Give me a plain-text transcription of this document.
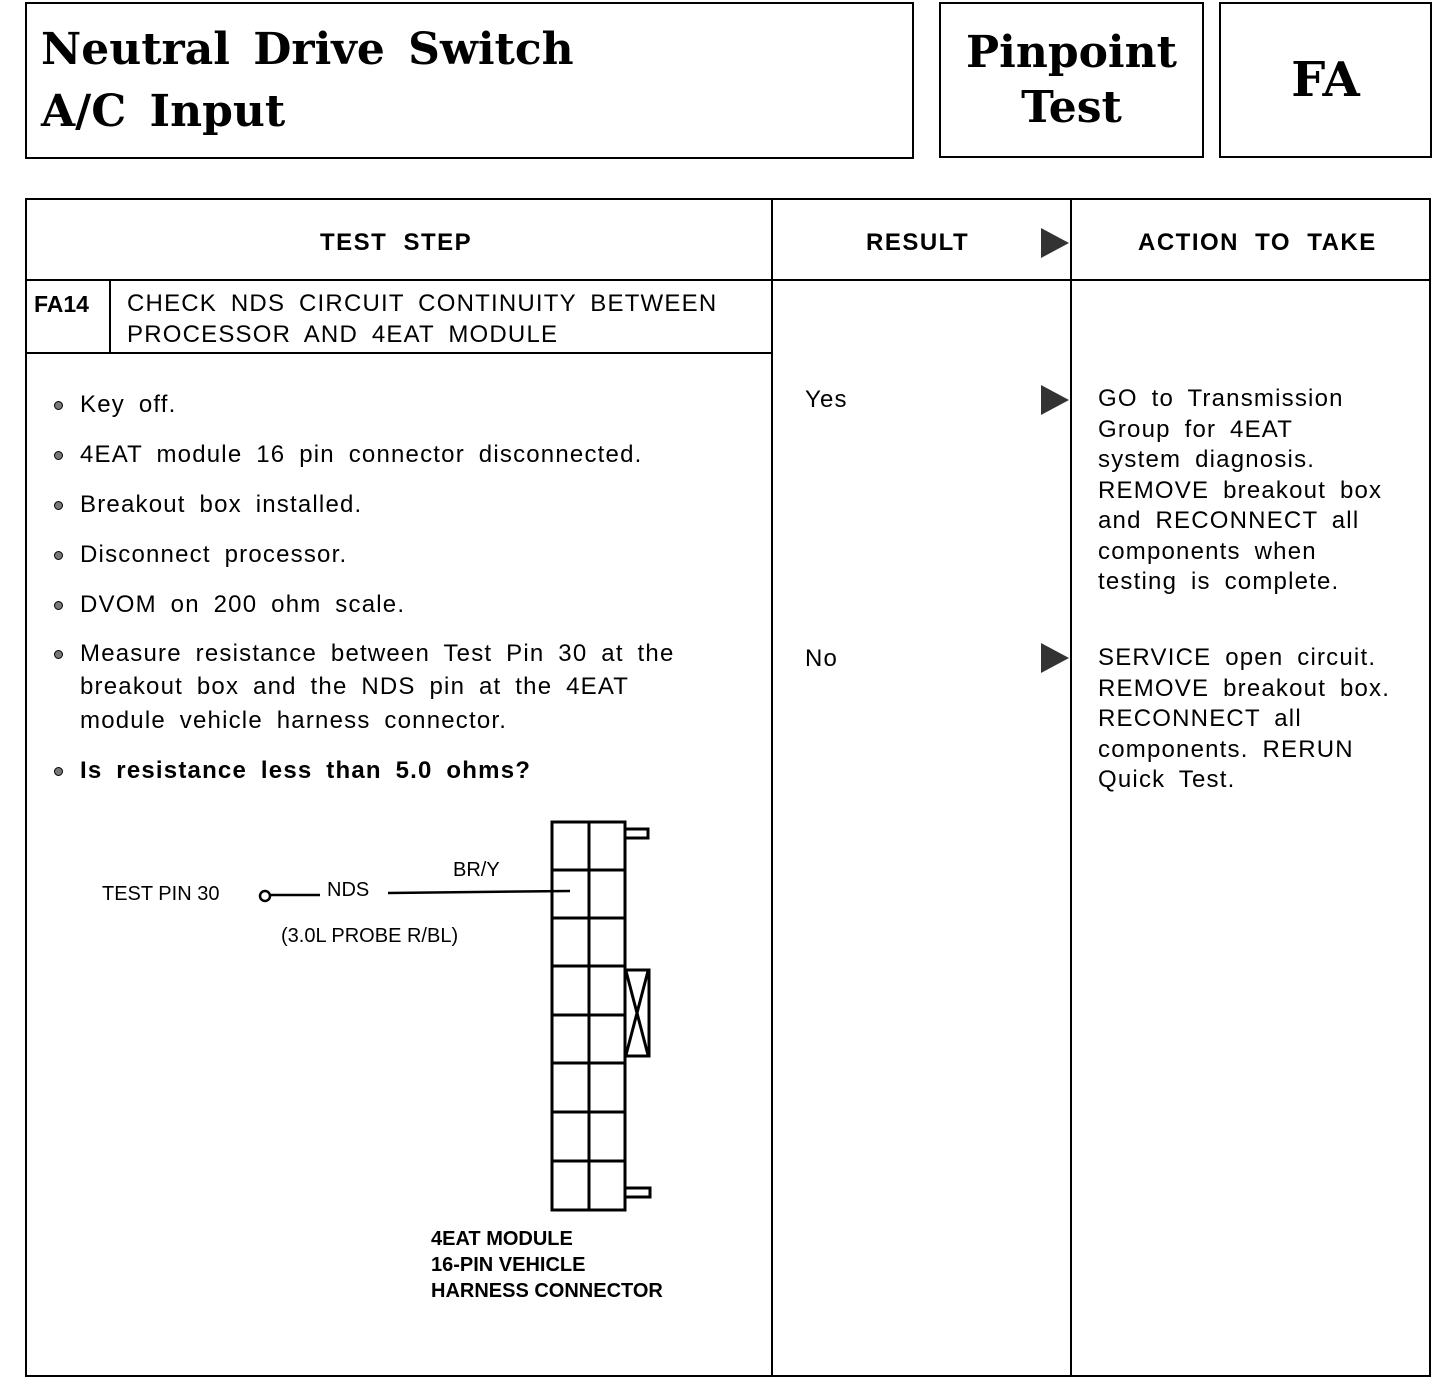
Neutral Drive Switch
A/C Input
Pinpoint
Test	FA
TEST STEP	RESULT	ACTION TO TAKE
FA14 CHECK NDS CIRCUIT CONTINUITY BETWEEN
PROCESSOR AND 4EAT MODULE
Key off.
4EAT module 16 pin connector disconnected.
Breakout box installed.
Disconnect processor.
DVOM on 200 ohm scale.
Measure resistance between Test Pin 30 at the
breakout box and the NDS pin at the 4EAT
module vehicle harness connector.
Is resistance less than 5.0 ohms?
Yes	GO to Transmission
Group for 4EAT
system diagnosis.
REMOVE breakout box
and RECONNECT all
components when
testing is complete.
No	SERVICE open circuit.
REMOVE breakout box.
RECONNECT all
components. RERUN
Quick Test.
TEST PIN 30	NDS
BR/Y
(3.0L PROBE R/BL)
4EAT MODULE
16-PIN VEHICLE
HARNESS CONNECTOR
